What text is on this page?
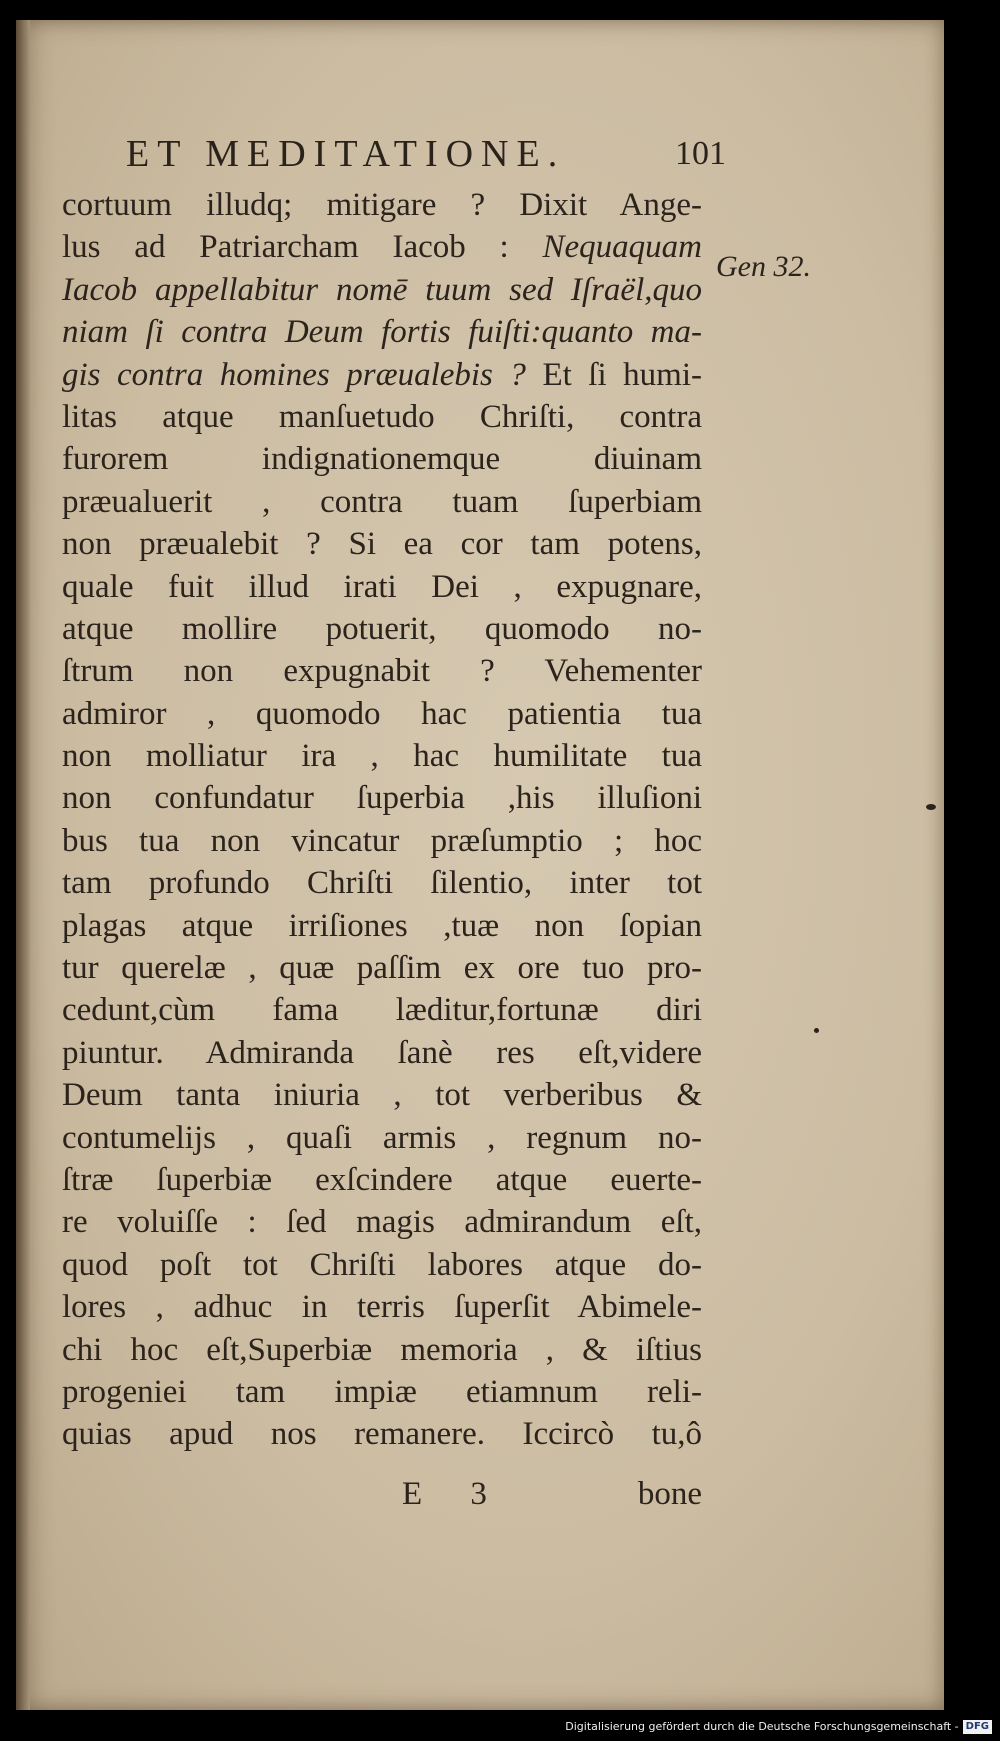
ET MEDITATIONE.	101
cortuum illudq; mitigare ? Dixit Ange-
lus ad Patriarcham Iacob : Nequaquam
Iacob appellabitur nomē tuum sed Iſraël,quo
niam ſi contra Deum fortis fuiſti:quanto ma-
gis contra homines præualebis ? Et ſi humi-
litas atque manſuetudo Chriſti, contra
furorem indignationemque diuinam
præualuerit , contra tuam ſuperbiam
non præualebit ? Si ea cor tam potens,
quale fuit illud irati Dei , expugnare,
atque mollire potuerit, quomodo no-
ſtrum non expugnabit ? Vehementer
admiror , quomodo hac patientia tua
non molliatur ira , hac humilitate tua
non confundatur ſuperbia ,his illuſioni
bus tua non vincatur præſumptio ; hoc
tam profundo Chriſti ſilentio, inter tot
plagas atque irriſiones ,tuæ non ſopian
tur querelæ , quæ paſſim ex ore tuo pro-
cedunt,cùm fama læditur,fortunæ diri
piuntur. Admiranda ſanè res eſt,videre
Deum tanta iniuria , tot verberibus &
contumelijs , quaſi armis , regnum no-
ſtræ ſuperbiæ exſcindere atque euerte-
re voluiſſe : ſed magis admirandum eſt,
quod poſt tot Chriſti labores atque do-
lores , adhuc in terris ſuperſit Abimele-
chi hoc eſt,Superbiæ memoria , & iſtius
progeniei tam impiæ etiamnum reli-
quias apud nos remanere. Iccircò tu,ô
Gen 32.
E 3	bone
Digitalisierung gefördert durch die Deutsche Forschungsgemeinschaft - DFG
